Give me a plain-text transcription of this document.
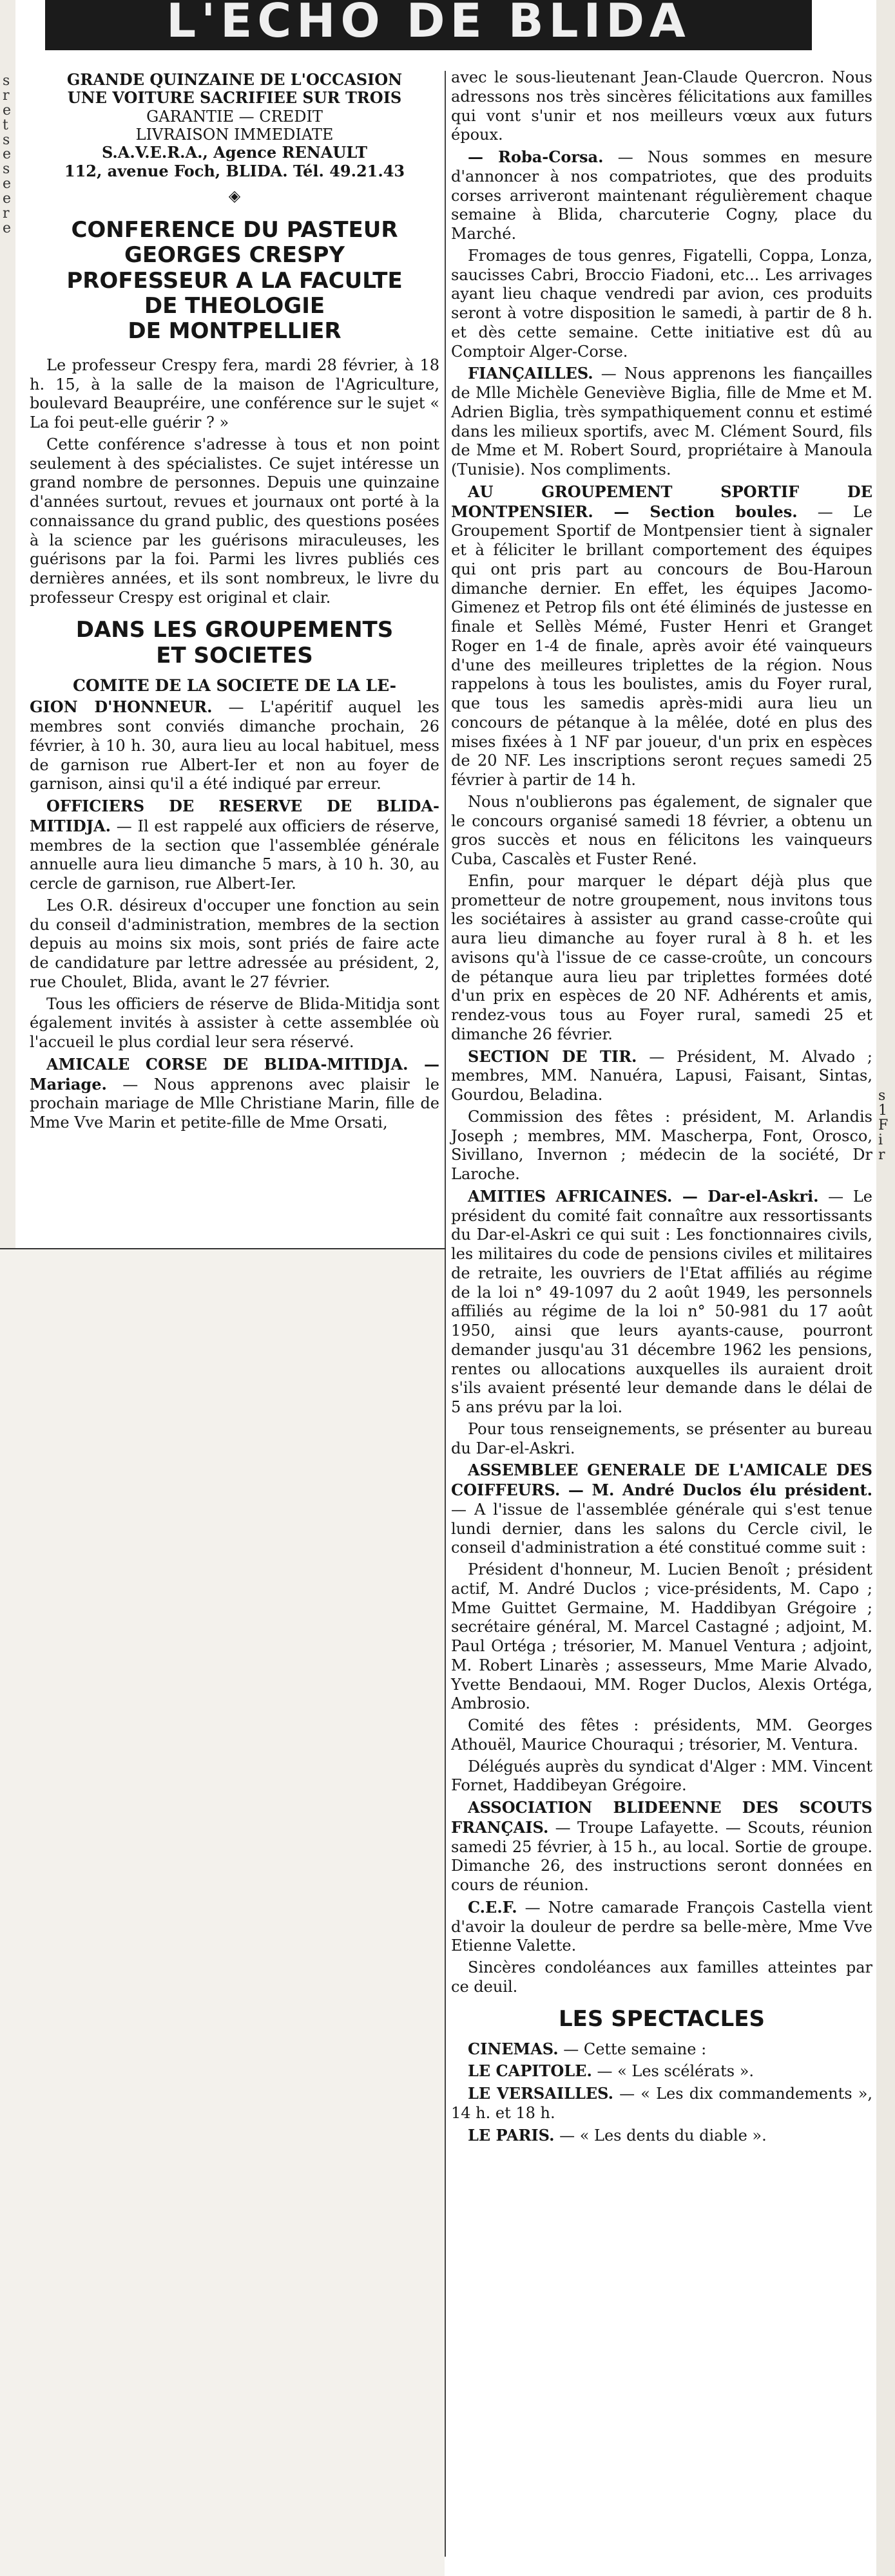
s
r
e
t
s
e
s
e
e
r
e
L'ECHO DE BLIDA
GRANDE QUINZAINE DE L'OCCASION
UNE VOITURE SACRIFIEE SUR TROIS
GARANTIE — CREDIT
LIVRAISON IMMEDIATE
S.A.V.E.R.A., Agence RENAULT
112, avenue Foch, BLIDA. Tél. 49.21.43
◈
CONFERENCE DU PASTEUR
GEORGES CRESPY
PROFESSEUR A LA FACULTE
DE THEOLOGIE
DE MONTPELLIER

Le professeur Crespy fera, mardi 28 février, à 18 h. 15, à la salle de la maison de l'Agriculture, boulevard Beaupréire, une conférence sur le sujet « La foi peut-elle guérir ? »

Cette conférence s'adresse à tous et non point seulement à des spécialistes. Ce sujet intéresse un grand nombre de personnes. Depuis une quinzaine d'années surtout, revues et journaux ont porté à la connaissance du grand public, des questions posées à la science par les guérisons miraculeuses, les guérisons par la foi. Parmi les livres publiés ces dernières années, et ils sont nombreux, le livre du professeur Crespy est original et clair.

DANS LES GROUPEMENTS
ET SOCIETES
COMITE DE LA SOCIETE DE LA LE-

GION D'HONNEUR. — L'apéritif auquel les membres sont conviés dimanche prochain, 26 février, à 10 h. 30, aura lieu au local habituel, mess de garnison rue Albert-Ier et non au foyer de garnison, ainsi qu'il a été indiqué par erreur.

OFFICIERS DE RESERVE DE BLIDA-MITIDJA. — Il est rappelé aux officiers de réserve, membres de la section que l'assemblée générale annuelle aura lieu dimanche 5 mars, à 10 h. 30, au cercle de garnison, rue Albert-Ier.

Les O.R. désireux d'occuper une fonction au sein du conseil d'administration, membres de la section depuis au moins six mois, sont priés de faire acte de candidature par lettre adressée au président, 2, rue Choulet, Blida, avant le 27 février.

Tous les officiers de réserve de Blida-Mitidja sont également invités à assister à cette assemblée où l'accueil le plus cordial leur sera réservé.

AMICALE CORSE DE BLIDA-MITIDJA. — Mariage. — Nous apprenons avec plaisir le prochain mariage de Mlle Christiane Marin, fille de Mme Vve Marin et petite-fille de Mme Orsati,

avec le sous-lieutenant Jean-Claude Quercron. Nous adressons nos très sincères félicitations aux familles qui vont s'unir et nos meilleurs vœux aux futurs époux.

— Roba-Corsa. — Nous sommes en mesure d'annoncer à nos compatriotes, que des produits corses arriveront maintenant régulièrement chaque semaine à Blida, charcuterie Cogny, place du Marché.

Fromages de tous genres, Figatelli, Coppa, Lonza, saucisses Cabri, Broccio Fiadoni, etc... Les arrivages ayant lieu chaque vendredi par avion, ces produits seront à votre disposition le samedi, à partir de 8 h. et dès cette semaine. Cette initiative est dû au Comptoir Alger-Corse.

FIANÇAILLES. — Nous apprenons les fiançailles de Mlle Michèle Geneviève Biglia, fille de Mme et M. Adrien Biglia, très sympathiquement connu et estimé dans les milieux sportifs, avec M. Clément Sourd, fils de Mme et M. Robert Sourd, propriétaire à Manoula (Tunisie). Nos compliments.

AU GROUPEMENT SPORTIF DE MONTPENSIER. — Section boules. — Le Groupement Sportif de Montpensier tient à signaler et à féliciter le brillant comportement des équipes qui ont pris part au concours de Bou-Haroun dimanche dernier. En effet, les équipes Jacomo-Gimenez et Petrop fils ont été éliminés de justesse en finale et Sellès Mémé, Fuster Henri et Granget Roger en 1-4 de finale, après avoir été vainqueurs d'une des meilleures triplettes de la région. Nous rappelons à tous les boulistes, amis du Foyer rural, que tous les samedis après-midi aura lieu un concours de pétanque à la mêlée, doté en plus des mises fixées à 1 NF par joueur, d'un prix en espèces de 20 NF. Les inscriptions seront reçues samedi 25 février à partir de 14 h.

Nous n'oublierons pas également, de signaler que le concours organisé samedi 18 février, a obtenu un gros succès et nous en félicitons les vainqueurs Cuba, Cascalès et Fuster René.

Enfin, pour marquer le départ déjà plus que prometteur de notre groupement, nous invitons tous les sociétaires à assister au grand casse-croûte qui aura lieu dimanche au foyer rural à 8 h. et les avisons qu'à l'issue de ce casse-croûte, un concours de pétanque aura lieu par triplettes formées doté d'un prix en espèces de 20 NF. Adhérents et amis, rendez-vous tous au Foyer rural, samedi 25 et dimanche 26 février.

SECTION DE TIR. — Président, M. Alvado ; membres, MM. Nanuéra, Lapusi, Faisant, Sintas, Gourdou, Beladina.

Commission des fêtes : président, M. Arlandis Joseph ; membres, MM. Mascherpa, Font, Orosco, Sivillano, Invernon ; médecin de la société, Dr Laroche.

AMITIES AFRICAINES. — Dar-el-Askri. — Le président du comité fait connaître aux ressortissants du Dar-el-Askri ce qui suit : Les fonctionnaires civils, les militaires du code de pensions civiles et militaires de retraite, les ouvriers de l'Etat affiliés au régime de la loi n° 49-1097 du 2 août 1949, les personnels affiliés au régime de la loi n° 50-981 du 17 août 1950, ainsi que leurs ayants-cause, pourront demander jusqu'au 31 décembre 1962 les pensions, rentes ou allocations auxquelles ils auraient droit s'ils avaient présenté leur demande dans le délai de 5 ans prévu par la loi.

Pour tous renseignements, se présenter au bureau du Dar-el-Askri.

ASSEMBLEE GENERALE DE L'AMICALE DES COIFFEURS. — M. André Duclos élu président. — A l'issue de l'assemblée générale qui s'est tenue lundi dernier, dans les salons du Cercle civil, le conseil d'administration a été constitué comme suit :

Président d'honneur, M. Lucien Benoît ; président actif, M. André Duclos ; vice-présidents, M. Capo ; Mme Guittet Germaine, M. Haddibyan Grégoire ; secrétaire général, M. Marcel Castagné ; adjoint, M. Paul Ortéga ; trésorier, M. Manuel Ventura ; adjoint, M. Robert Linarès ; assesseurs, Mme Marie Alvado, Yvette Bendaoui, MM. Roger Duclos, Alexis Ortéga, Ambrosio.

Comité des fêtes : présidents, MM. Georges Athouël, Maurice Chouraqui ; trésorier, M. Ventura.

Délégués auprès du syndicat d'Alger : MM. Vincent Fornet, Haddibeyan Grégoire.

ASSOCIATION BLIDEENNE DES SCOUTS FRANÇAIS. — Troupe Lafayette. — Scouts, réunion samedi 25 février, à 15 h., au local. Sortie de groupe. Dimanche 26, des instructions seront données en cours de réunion.

C.E.F. — Notre camarade François Castella vient d'avoir la douleur de perdre sa belle-mère, Mme Vve Etienne Valette.

Sincères condoléances aux familles atteintes par ce deuil.

LES SPECTACLES

CINEMAS. — Cette semaine :

LE CAPITOLE. — « Les scélérats ».

LE VERSAILLES. — « Les dix commandements », 14 h. et 18 h.

LE PARIS. — « Les dents du diable ».

s
1
F
i
r
